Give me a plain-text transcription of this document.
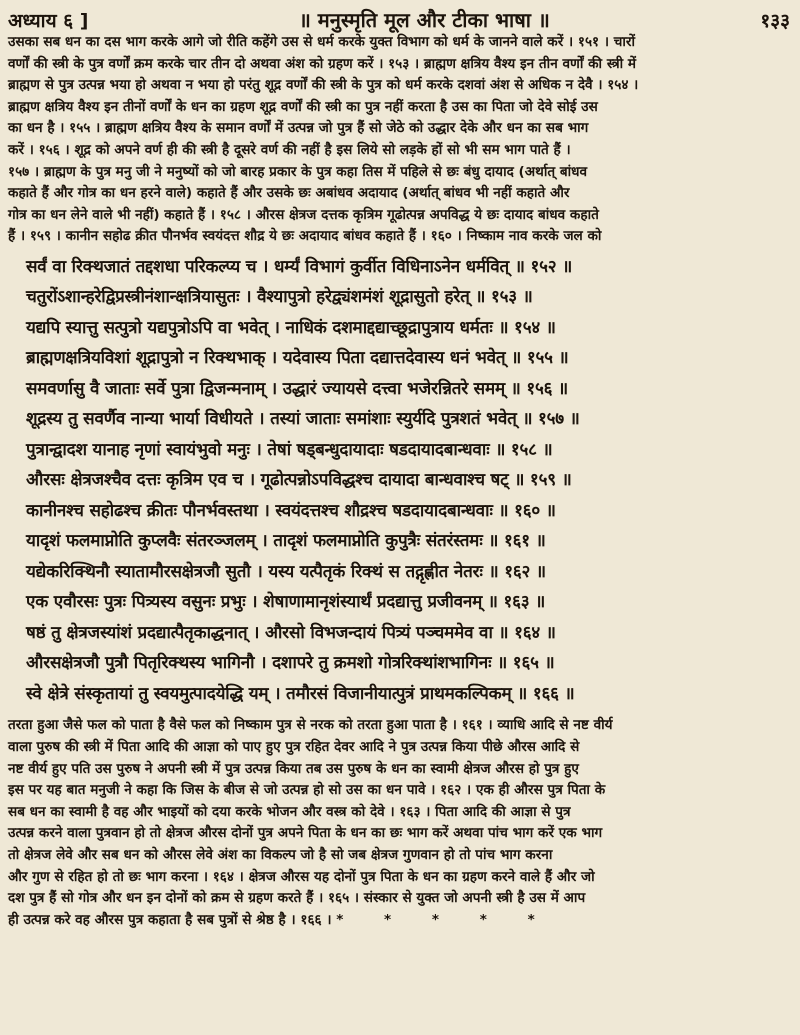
अध्याय ६ ]	॥ मनुस्मृति मूल और टीका भाषा ॥	१३३

उसका सब धन का दस भाग करके आगे जो रीति कहेंगे उस से धर्म करके युक्त विभाग को धर्म के जानने वाले करें । १५१ । चारों

वर्णों की स्त्री के पुत्र वर्णों क्रम करके चार तीन दो अथवा अंश को ग्रहण करें । १५३ । ब्राह्मण क्षत्रिय वैश्य इन तीन वर्णों की स्त्री में

ब्राह्मण से पुत्र उत्पन्न भया हो अथवा न भया हो परंतु शूद्र वर्णों की स्त्री के पुत्र को धर्म करके दशवां अंश से अधिक न देवै । १५४ ।

ब्राह्मण क्षत्रिय वैश्य इन तीनों वर्णों के धन का ग्रहण शूद्र वर्णों की स्त्री का पुत्र नहीं करता है उस का पिता जो देवे सोई उस

का धन है । १५५ । ब्राह्मण क्षत्रिय वैश्य के समान वर्णों में उत्पन्न जो पुत्र हैं सो जेठे को उद्धार देके और धन का सब भाग

करें । १५६ । शूद्र को अपने वर्ण ही की स्त्री है दूसरे वर्ण की नहीं है इस लिये सो लड़के हों सो भी सम भाग पाते हैं ।

१५७ । ब्राह्मण के पुत्र मनु जी ने मनुष्यों को जो बारह प्रकार के पुत्र कहा तिस में पहिले से छः बंधु दायाद (अर्थात् बांधव

कहाते हैं और गोत्र का धन हरने वाले) कहाते हैं और उसके छः अबांधव अदायाद (अर्थात् बांधव भी नहीं कहाते और

गोत्र का धन लेने वाले भी नहीं) कहाते हैं । १५८ । औरस क्षेत्रज दत्तक कृत्रिम गूढोत्पन्न अपविद्ध ये छः दायाद बांधव कहाते

हैं । १५९ । कानीन सहोढ क्रीत पौनर्भव स्वयंदत्त शौद्र ये छः अदायाद बांधव कहाते हैं । १६० । निष्काम नाव करके जल को

सर्वं वा रिक्थजातं तद्दशधा परिकल्प्य च । धर्म्यं विभागं कुर्वीत विधिनाऽनेन धर्मवित् ॥ १५२ ॥
चतुरोंऽशान्हरेद्विप्रस्त्रीनंशान्क्षत्रियासुतः । वैश्यापुत्रो हरेद्व्यंशमंशं शूद्रासुतो हरेत् ॥ १५३ ॥
यद्यपि स्यात्तु सत्पुत्रो यद्यपुत्रोऽपि वा भवेत् । नाधिकं दशमाद्दद्याच्छूद्रापुत्राय धर्मतः ॥ १५४ ॥
ब्राह्मणक्षत्रियविशां शूद्रापुत्रो न रिक्थभाक् । यदेवास्य पिता दद्यात्तदेवास्य धनं भवेत् ॥ १५५ ॥
समवर्णासु वै जाताः सर्वे पुत्रा द्विजन्मनाम् । उद्धारं ज्यायसे दत्त्वा भजेरन्नितरे समम् ॥ १५६ ॥
शूद्रस्य तु सवर्णैव नान्या भार्या विधीयते । तस्यां जाताः समांशाः स्युर्यदि पुत्रशतं भवेत् ॥ १५७ ॥
पुत्रान्द्वादश यानाह नृणां स्वायंभुवो मनुः । तेषां षड्बन्धुदायादाः षडदायादबान्धवाः ॥ १५८ ॥
औरसः क्षेत्रजश्चैव दत्तः कृत्रिम एव च । गूढोत्पन्नोऽपविद्धश्च दायादा बान्धवाश्च षट् ॥ १५९ ॥
कानीनश्च सहोढश्च क्रीतः पौनर्भवस्तथा । स्वयंदत्तश्च शौद्रश्च षडदायादबान्धवाः ॥ १६० ॥
यादृशं फलमाप्नोति कुप्लवैः संतरञ्जलम् । तादृशं फलमाप्नोति कुपुत्रैः संतरंस्तमः ॥ १६१ ॥
यद्येकरिक्थिनौ स्यातामौरसक्षेत्रजौ सुतौ । यस्य यत्पैतृकं रिक्थं स तद्गृह्णीत नेतरः ॥ १६२ ॥
एक एवौरसः पुत्रः पित्र्यस्य वसुनः प्रभुः । शेषाणामानृशंस्यार्थं प्रदद्यात्तु प्रजीवनम् ॥ १६३ ॥
षष्ठं तु क्षेत्रजस्यांशं प्रदद्यात्पैतृकाद्धनात् । औरसो विभजन्दायं पित्र्यं पञ्चममेव वा ॥ १६४ ॥
औरसक्षेत्रजौ पुत्रौ पितृरिक्थस्य भागिनौ । दशापरे तु क्रमशो गोत्ररिक्थांशभागिनः ॥ १६५ ॥
स्वे क्षेत्रे संस्कृतायां तु स्वयमुत्पादयेद्धि यम् । तमौरसं विजानीयात्पुत्रं प्राथमकल्पिकम् ॥ १६६ ॥

तरता हुआ जैसे फल को पाता है वैसे फल को निष्काम पुत्र से नरक को तरता हुआ पाता है । १६१ । व्याधि आदि से नष्ट वीर्य

वाला पुरुष की स्त्री में पिता आदि की आज्ञा को पाए हुए पुत्र रहित देवर आदि ने पुत्र उत्पन्न किया पीछे औरस आदि से

नष्ट वीर्य हुए पति उस पुरुष ने अपनी स्त्री में पुत्र उत्पन्न किया तब उस पुरुष के धन का स्वामी क्षेत्रज औरस हो पुत्र हुए

इस पर यह बात मनुजी ने कहा कि जिस के बीज से जो उत्पन्न हो सो उस का धन पावे । १६२ । एक ही औरस पुत्र पिता के

सब धन का स्वामी है वह और भाइयों को दया करके भोजन और वस्त्र को देवे । १६३ । पिता आदि की आज्ञा से पुत्र

उत्पन्न करने वाला पुत्रवान हो तो क्षेत्रज औरस दोनों पुत्र अपने पिता के धन का छः भाग करें अथवा पांच भाग करें एक भाग

तो क्षेत्रज लेवे और सब धन को औरस लेवे अंश का विकल्प जो है सो जब क्षेत्रज गुणवान हो तो पांच भाग करना

और गुण से रहित हो तो छः भाग करना । १६४ । क्षेत्रज औरस यह दोनों पुत्र पिता के धन का ग्रहण करने वाले हैं और जो

दश पुत्र हैं सो गोत्र और धन इन दोनों को क्रम से ग्रहण करते हैं । १६५ । संस्कार से युक्त जो अपनी स्त्री है उस में आप

ही उत्पन्न करे वह औरस पुत्र कहाता है सब पुत्रों से श्रेष्ठ है । १६६ । * * * * *
